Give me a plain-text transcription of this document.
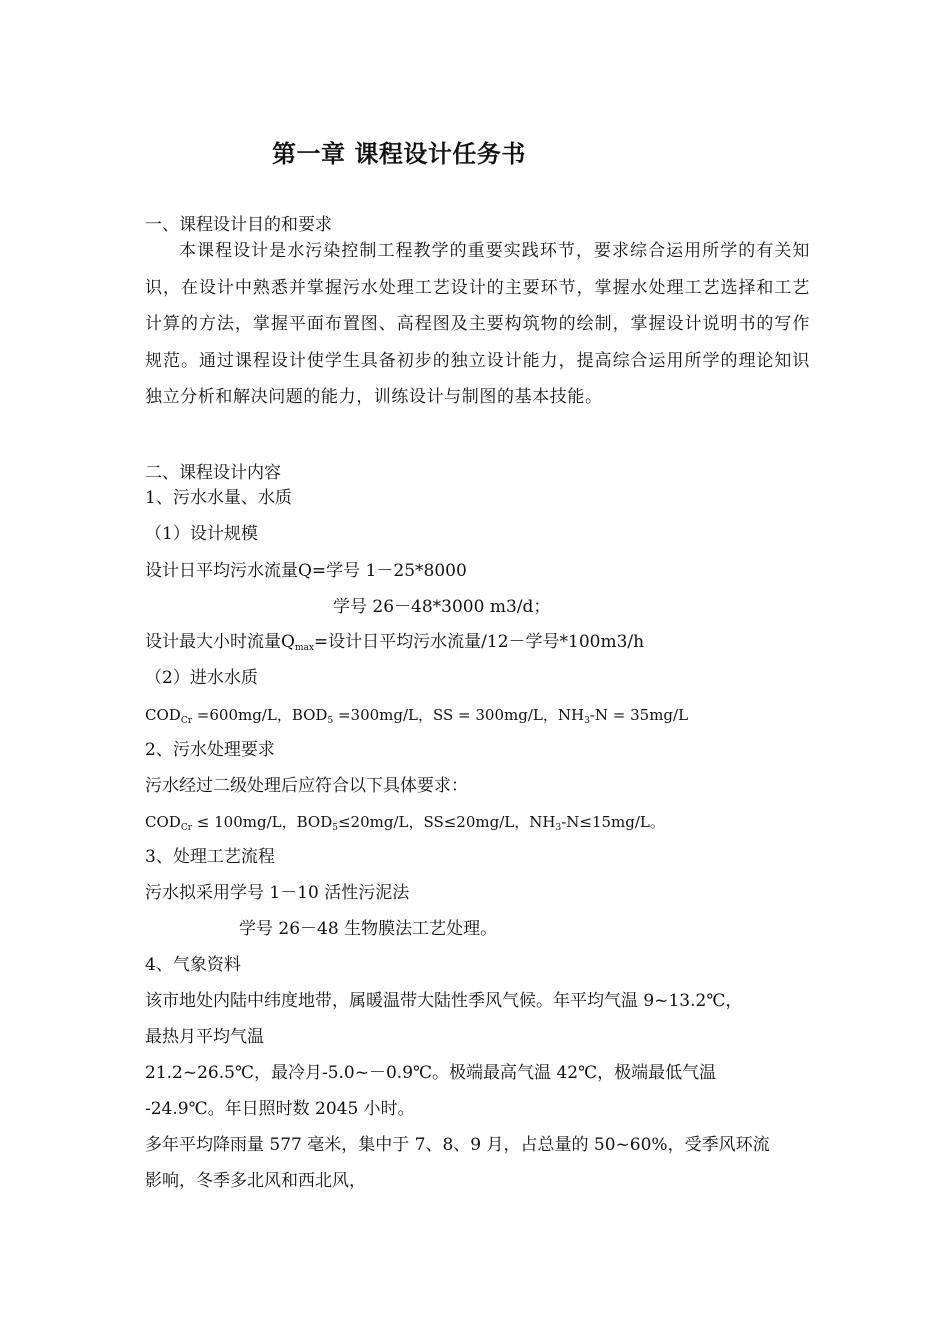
第一章 课程设计任务书
一、课程设计目的和要求
本课程设计是水污染控制工程教学的重要实践环节，要求综合运用所学的有关知识，在设计中熟悉并掌握污水处理工艺设计的主要环节，掌握水处理工艺选择和工艺计算的方法，掌握平面布置图、高程图及主要构筑物的绘制，掌握设计说明书的写作规范。通过课程设计使学生具备初步的独立设计能力，提高综合运用所学的理论知识独立分析和解决问题的能力，训练设计与制图的基本技能。
二、课程设计内容
1、污水水量、水质
（1）设计规模
设计日平均污水流量Q=学号 1－25*8000
学号 26－48*3000 m3/d；
设计最大小时流量$Q_{max}=$设计日平均污水流量/12－学号*100m3/h
（2）进水水质
$COD_{Cr} =600mg/L$，$BOD_5 =300mg/L$，SS = 300mg/L，$NH_3-N = 35mg/L$
2、污水处理要求
污水经过二级处理后应符合以下具体要求：
$COD_{Cr} \le 100mg/L$，$BOD_5\le 20mg/L$，SS≤20mg/L，$NH_3-N\le 15mg/L$。
3、处理工艺流程
污水拟采用学号 1－10 活性污泥法
学号 26－48 生物膜法工艺处理。
4、气象资料
该市地处内陆中纬度地带，属暖温带大陆性季风气候。年平均气温 9~13.2℃，
最热月平均气温
21.2~26.5℃，最冷月-5.0~－0.9℃。极端最高气温 42℃，极端最低气温
-24.9℃。年日照时数 2045 小时。
多年平均降雨量 577 毫米，集中于 7、8、9 月，占总量的 50~60%，受季风环流
影响，冬季多北风和西北风，
